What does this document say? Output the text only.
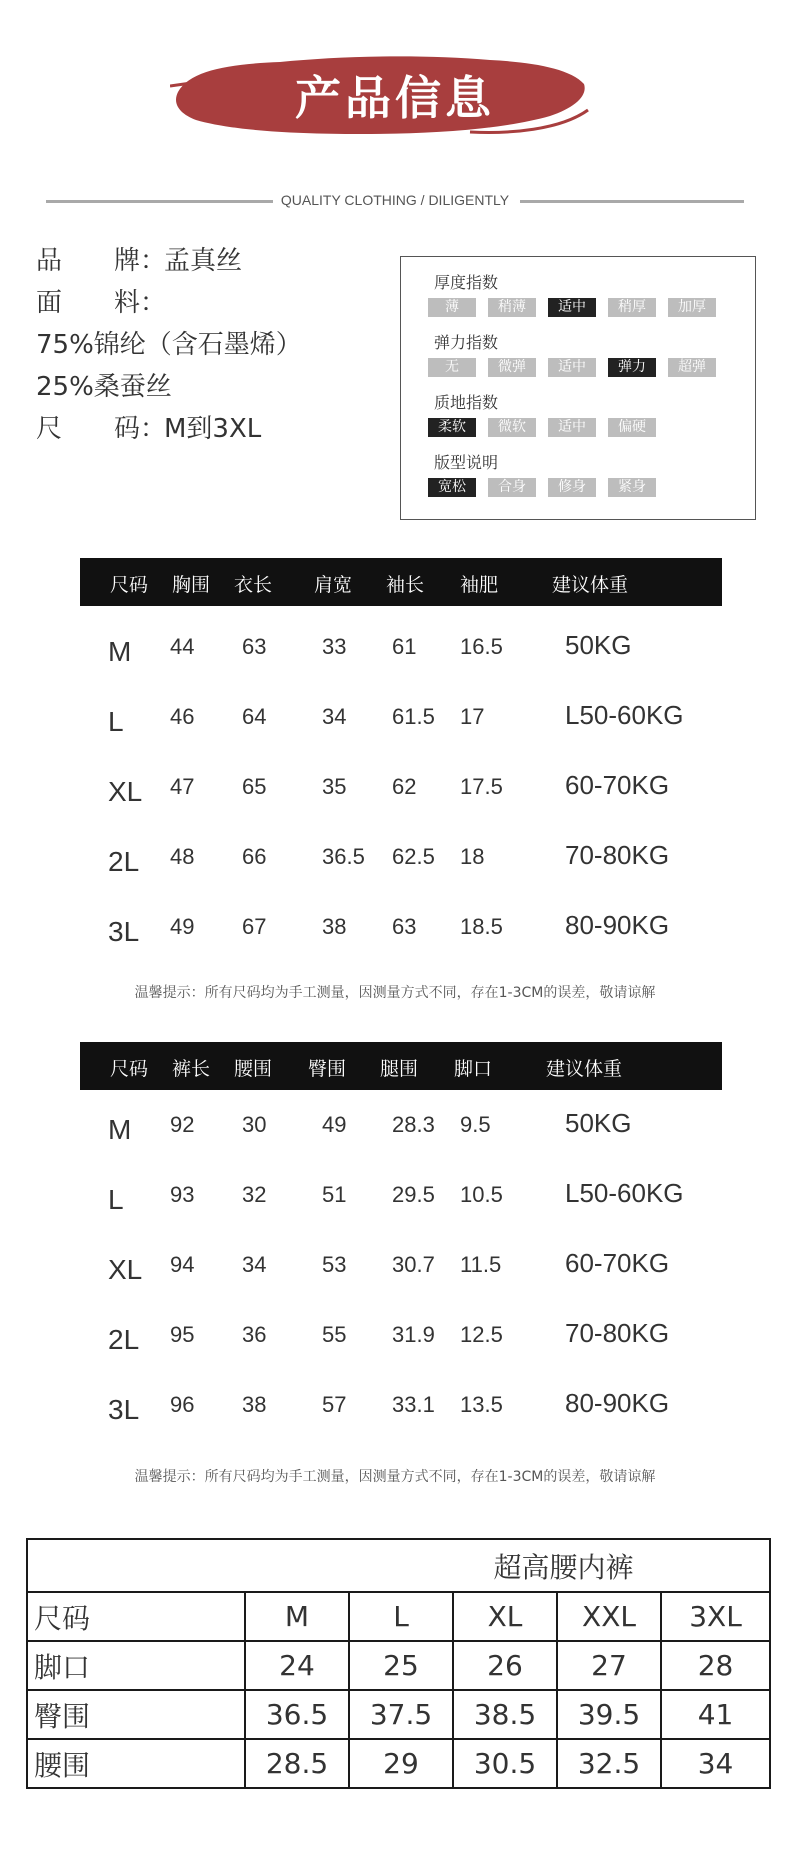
产品信息
QUALITY CLOTHING / DILIGENTLY
品　　牌：孟真丝
面　　料：
75%锦纶（含石墨烯）
25%桑蚕丝
尺　　码：M到3XL
厚度指数
薄	稍薄	适中	稍厚	加厚
弹力指数
无	微弹	适中	弹力	超弹
质地指数
柔软	微软	适中	偏硬
版型说明
宽松	合身	修身	紧身
尺码 胸围 衣长 肩宽 袖长 袖肥	建议体重
M 44 63	33 61 16.5 50KG
L 46 64	34 61.5 17	L50-60KG
XL 47 65	35 62 17.5 60-70KG
2L 48 66	36.5 62.5 18	70-80KG
3L 49 67	38 63 18.5 80-90KG
温馨提示：所有尺码均为手工测量，因测量方式不同，存在1-3CM的误差，敬请谅解
尺码 裤长 腰围 臀围 腿围 脚口	建议体重
M 92 30	49 28.3 9.5	50KG
L 93 32	51 29.5 10.5 L50-60KG
XL 94 34	53 30.7 11.5 60-70KG
2L 95 36	55 31.9 12.5 70-80KG
3L 96 38	57 33.1 13.5 80-90KG
温馨提示：所有尺码均为手工测量，因测量方式不同，存在1-3CM的误差，敬请谅解
超高腰内裤					
尺码	M	L	XL	XXL	3XL
脚口	24	25	26	27	28
臀围	36.5	37.5	38.5	39.5	41
腰围	28.5	29	30.5	32.5	34
